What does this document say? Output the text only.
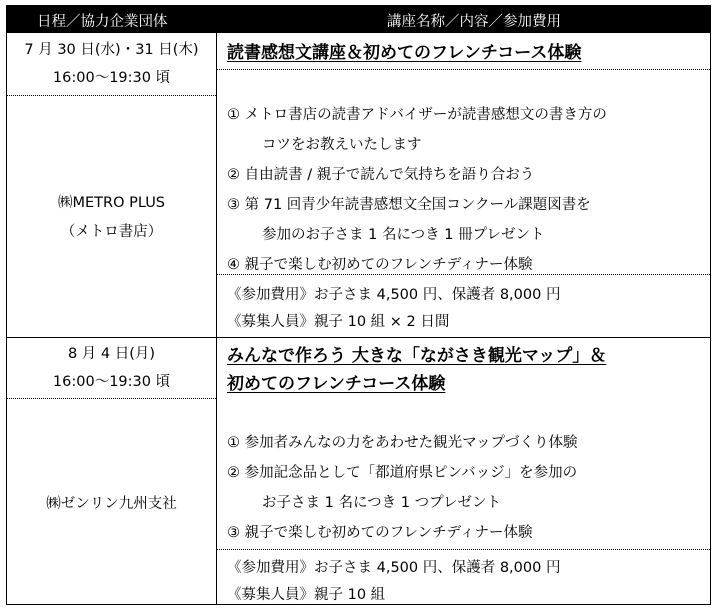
日程／協力企業団体	講座名称／内容／参加費用
7 月 30 日(水)・31 日(木)
16:00～19:30 頃
㈱METRO PLUS
（メトロ書店）
読書感想文講座＆初めてのフレンチコース体験
① メトロ書店の読書アドバイザーが読書感想文の書き方の
コツをお教えいたします
② 自由読書 / 親子で読んで気持ちを語り合おう
③ 第 71 回青少年読書感想文全国コンクール課題図書を
参加のお子さま 1 名につき 1 冊プレゼント
④ 親子で楽しむ初めてのフレンチディナー体験
《参加費用》お子さま 4,500 円、保護者 8,000 円
《募集人員》親子 10 組 × 2 日間
8 月 4 日(月)
16:00～19:30 頃
㈱ゼンリン九州支社
みんなで作ろう 大きな「ながさき観光マップ」＆
初めてのフレンチコース体験
① 参加者みんなの力をあわせた観光マップづくり体験
② 参加記念品として「都道府県ピンバッジ」を参加の
お子さま 1 名につき 1 つプレゼント
③ 親子で楽しむ初めてのフレンチディナー体験
《参加費用》お子さま 4,500 円、保護者 8,000 円
《募集人員》親子 10 組
